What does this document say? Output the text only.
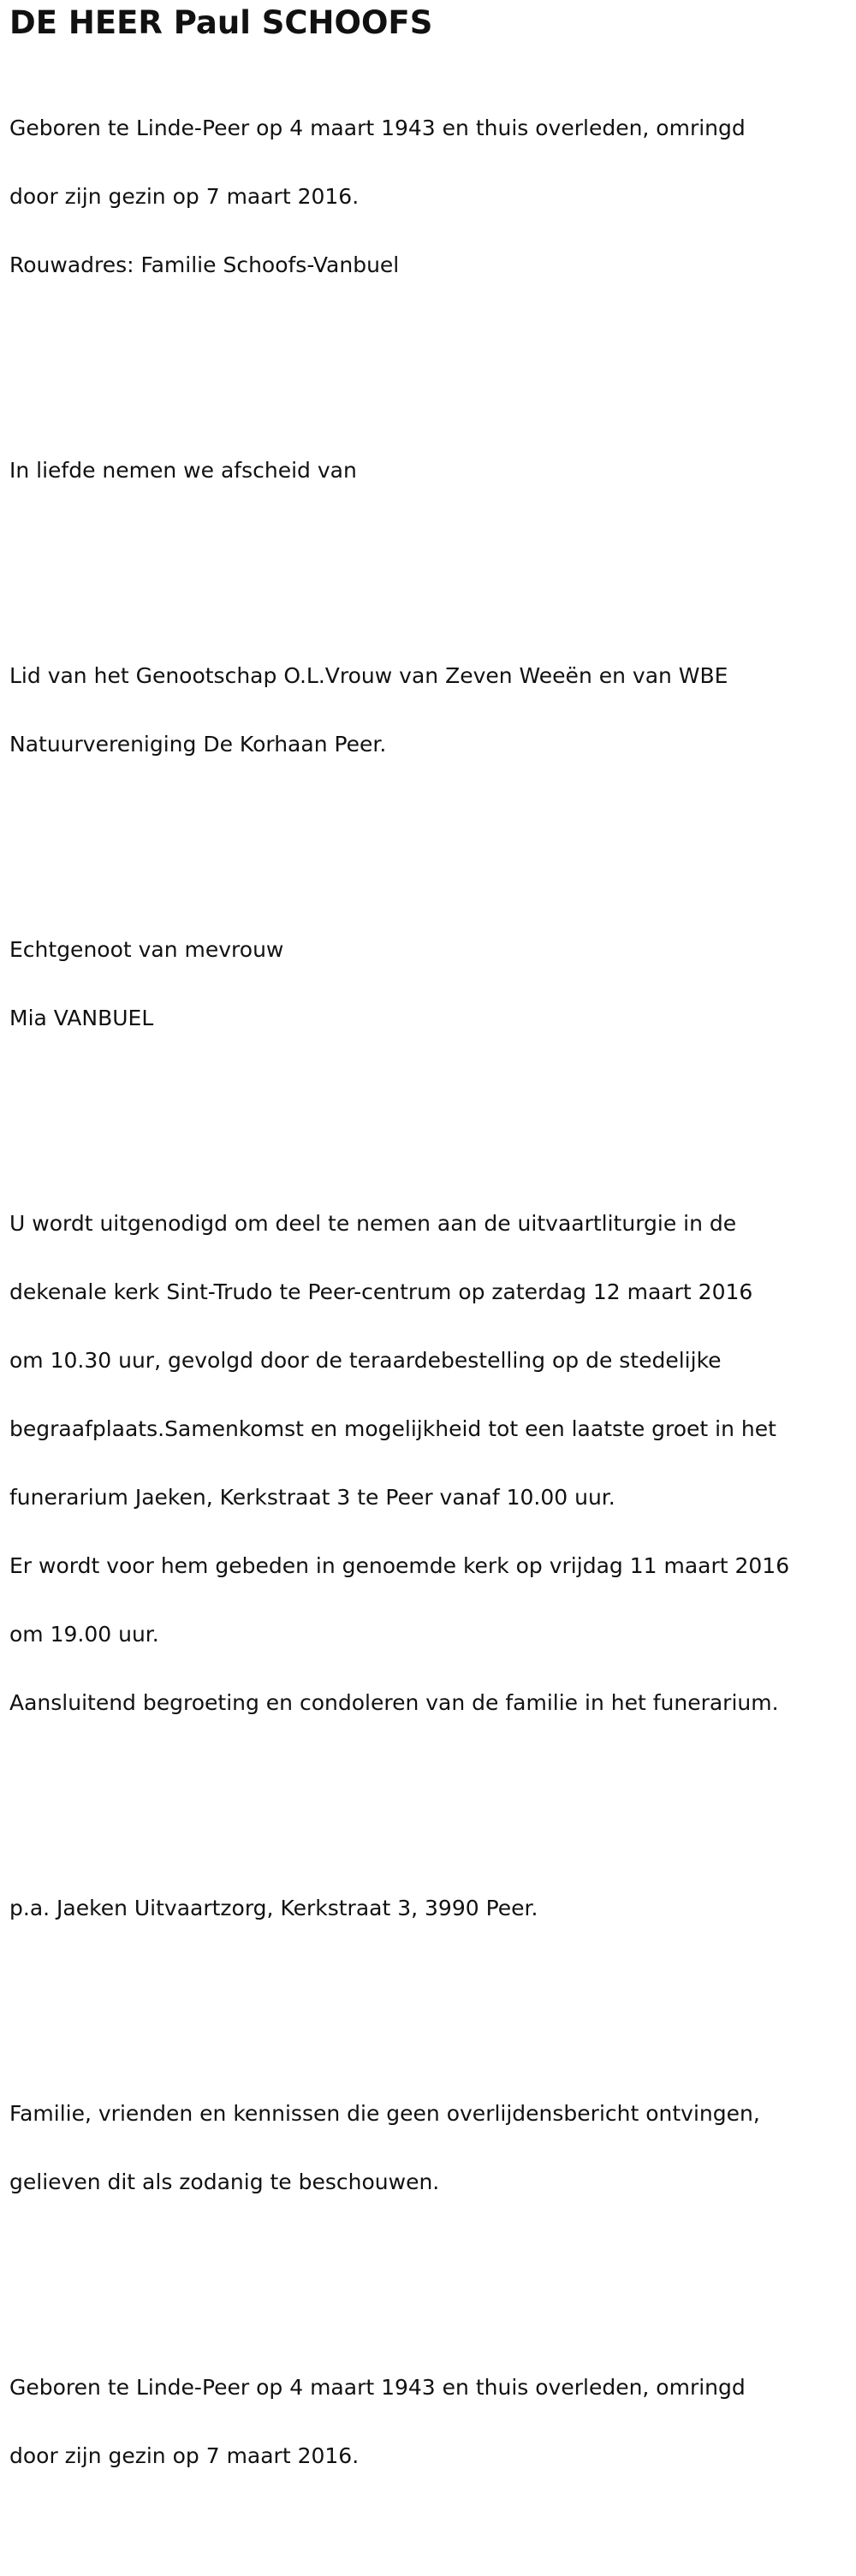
DE HEER Paul SCHOOFS

Geboren te Linde-Peer op 4 maart 1943 en thuis overleden, omringd

door zijn gezin op 7 maart 2016.

Rouwadres: Familie Schoofs-Vanbuel

In liefde nemen we afscheid van

Lid van het Genootschap O.L.Vrouw van Zeven Weeën en van WBE

Natuurvereniging De Korhaan Peer.

Echtgenoot van mevrouw

Mia VANBUEL

U wordt uitgenodigd om deel te nemen aan de uitvaartliturgie in de

dekenale kerk Sint-Trudo te Peer-centrum op zaterdag 12 maart 2016

om 10.30 uur, gevolgd door de teraardebestelling op de stedelijke

begraafplaats.Samenkomst en mogelijkheid tot een laatste groet in het

funerarium Jaeken, Kerkstraat 3 te Peer vanaf 10.00 uur.

Er wordt voor hem gebeden in genoemde kerk op vrijdag 11 maart 2016

om 19.00 uur.

Aansluitend begroeting en condoleren van de familie in het funerarium.

p.a. Jaeken Uitvaartzorg, Kerkstraat 3, 3990 Peer.

Familie, vrienden en kennissen die geen overlijdensbericht ontvingen,

gelieven dit als zodanig te beschouwen.

Geboren te Linde-Peer op 4 maart 1943 en thuis overleden, omringd

door zijn gezin op 7 maart 2016.
